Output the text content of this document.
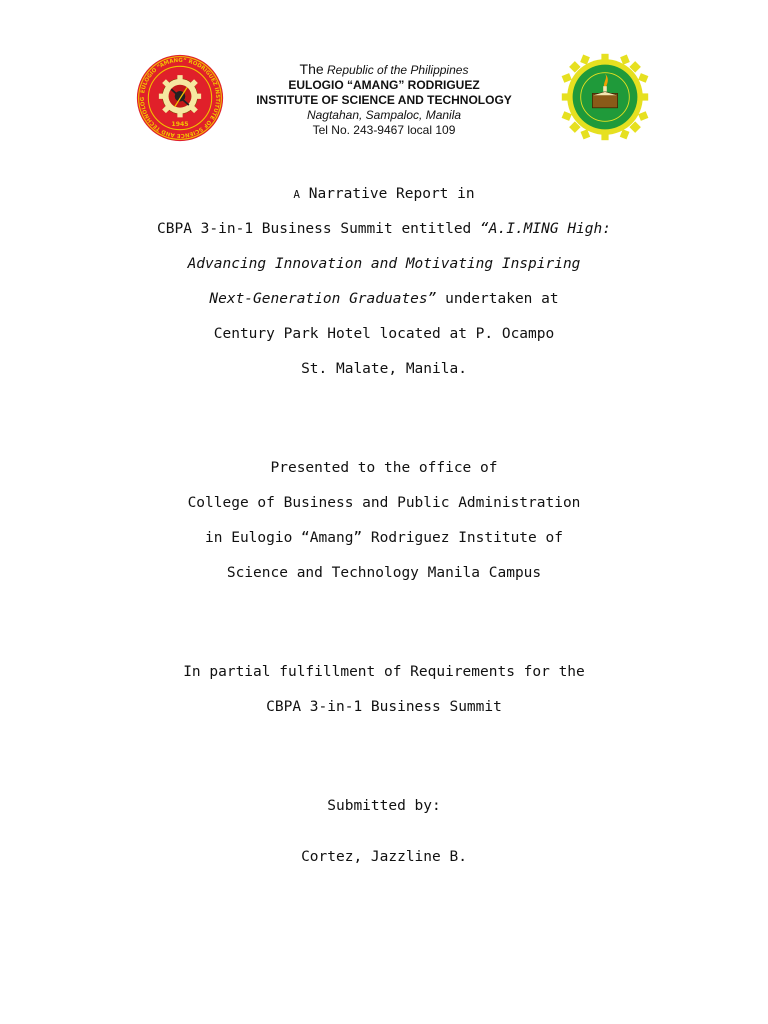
EULOGIO “AMANG” RODRIGUEZ INSTITUTE OF SCIENCE AND TECHNOLOG
1945
The Republic of the Philippines
EULOGIO “AMANG” RODRIGUEZ
INSTITUTE OF SCIENCE AND TECHNOLOGY
Nagtahan, Sampaloc, Manila
Tel No. 243-9467 local 109
A Narrative Report in
CBPA 3-in-1 Business Summit entitled “A.I.MING High:
Advancing Innovation and Motivating Inspiring
Next-Generation Graduates” undertaken at
Century Park Hotel located at P. Ocampo
St. Malate, Manila.
Presented to the office of
College of Business and Public Administration
in Eulogio “Amang” Rodriguez Institute of
Science and Technology Manila Campus
In partial fulfillment of Requirements for the
CBPA 3-in-1 Business Summit
Submitted by:
Cortez, Jazzline B.
